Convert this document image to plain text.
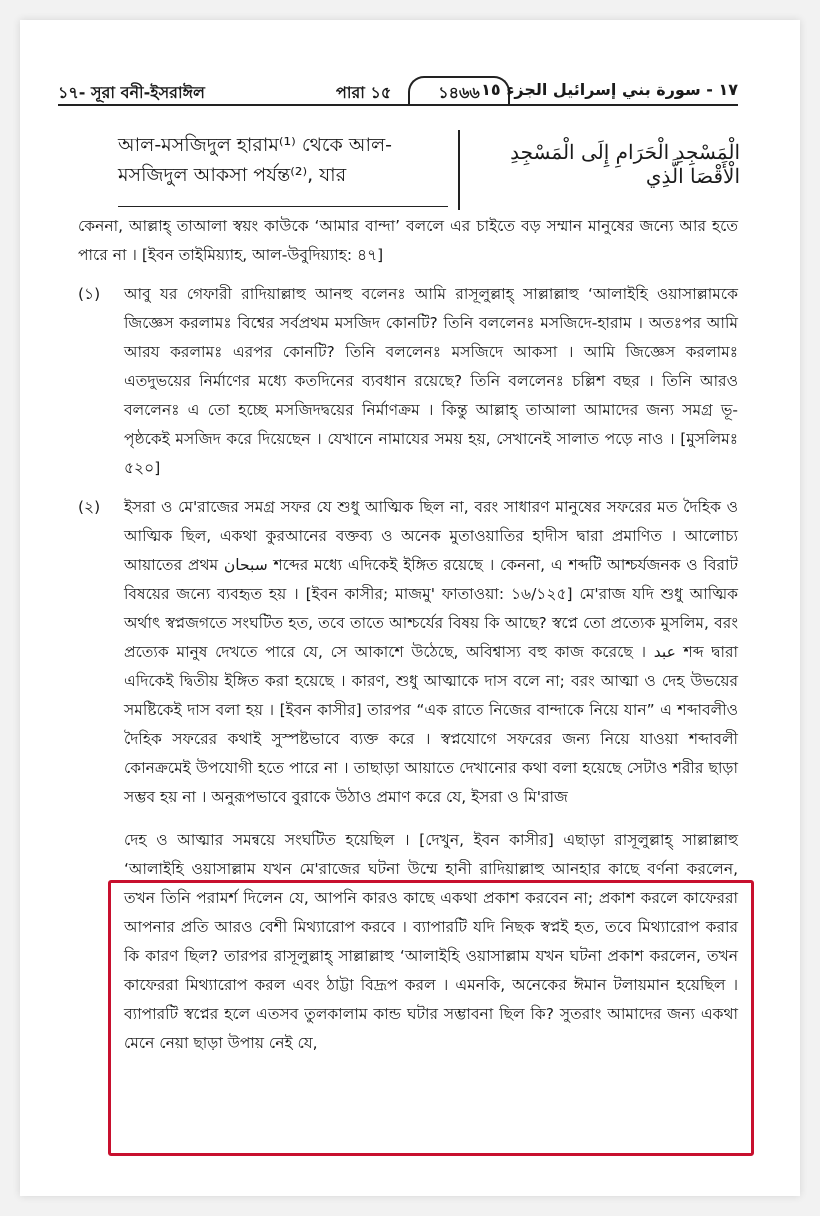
১৭- সূরা বনী-ইসরাঈল	পারা ১৫	১৪৬৬ ١٧ - سورة بني إسرائيل الجزء ١٥
আল-মসজিদুল হারাম⁽¹⁾ থেকে আল-
মসজিদুল আকসা পর্যন্ত⁽²⁾, যার
الْمَسْجِدِ الْحَرَامِ إِلَى الْمَسْجِدِ الْأَقْصَا الَّذِي
কেননা, আল্লাহ্‌ তাআলা স্বয়ং কাউকে ‘আমার বান্দা’ বললে এর চাইতে বড় সম্মান মানুষের জন্যে আর হতে পারে না । [ইবন তাইমিয়্যাহ, আল-উবুদিয়্যাহ: ৪৭]
(১)	আবু যর গেফারী রাদিয়াল্লাহু আনহু বলেনঃ আমি রাসূলুল্লাহ্‌ সাল্লাল্লাহু ‘আলাইহি ওয়াসাল্লামকে জিজ্ঞেস করলামঃ বিশ্বের সর্বপ্রথম মসজিদ কোনটি? তিনি বললেনঃ মসজিদে-হারাম । অতঃপর আমি আরয করলামঃ এরপর কোনটি? তিনি বললেনঃ মসজিদে আকসা । আমি জিজ্ঞেস করলামঃ এতদুভয়ের নির্মাণের মধ্যে কতদিনের ব্যবধান রয়েছে? তিনি বললেনঃ চল্লিশ বছর । তিনি আরও বললেনঃ এ তো হচ্ছে মসজিদদ্বয়ের নির্মাণক্রম । কিন্তু আল্লাহ্‌ তাআলা আমাদের জন্য সমগ্র ভূ-পৃষ্ঠকেই মসজিদ করে দিয়েছেন । যেখানে নামাযের সময় হয়, সেখানেই সালাত পড়ে নাও । [মুসলিমঃ ৫২০]
(২)	ইসরা ও মে'রাজের সমগ্র সফর যে শুধু আত্মিক ছিল না, বরং সাধারণ মানুষের সফরের মত দৈহিক ও আত্মিক ছিল, একথা কুরআনের বক্তব্য ও অনেক মুতাওয়াতির হাদীস দ্বারা প্রমাণিত । আলোচ্য আয়াতের প্রথম سبحان শব্দের মধ্যে এদিকেই ইঙ্গিত রয়েছে । কেননা, এ শব্দটি আশ্চর্যজনক ও বিরাট বিষয়ের জন্যে ব্যবহৃত হয় । [ইবন কাসীর; মাজমু' ফাতাওয়া: ১৬/১২৫] মে'রাজ যদি শুধু আত্মিক অর্থাৎ স্বপ্নজগতে সংঘটিত হত, তবে তাতে আশ্চর্যের বিষয় কি আছে? স্বপ্নে তো প্রত্যেক মুসলিম, বরং প্রত্যেক মানুষ দেখতে পারে যে, সে আকাশে উঠেছে, অবিশ্বাস্য বহু কাজ করেছে । عبد শব্দ দ্বারা এদিকেই দ্বিতীয় ইঙ্গিত করা হয়েছে । কারণ, শুধু আত্মাকে দাস বলে না; বরং আত্মা ও দেহ উভয়ের সমষ্টিকেই দাস বলা হয় । [ইবন কাসীর] তারপর “এক রাতে নিজের বান্দাকে নিয়ে যান” এ শব্দাবলীও দৈহিক সফরের কথাই সুস্পষ্টভাবে ব্যক্ত করে । স্বপ্নযোগে সফরের জন্য নিয়ে যাওয়া শব্দাবলী কোনক্রমেই উপযোগী হতে পারে না । তাছাড়া আয়াতে দেখানোর কথা বলা হয়েছে সেটাও শরীর ছাড়া সম্ভব হয় না । অনুরূপভাবে বুরাকে উঠাও প্রমাণ করে যে, ইসরা ও মি'রাজ
দেহ ও আত্মার সমন্বয়ে সংঘটিত হয়েছিল । [দেখুন, ইবন কাসীর] এছাড়া রাসূলুল্লাহ্‌ সাল্লাল্লাহু ‘আলাইহি ওয়াসাল্লাম যখন মে'রাজের ঘটনা উম্মে হানী রাদিয়াল্লাহু আনহার কাছে বর্ণনা করলেন, তখন তিনি পরামর্শ দিলেন যে, আপনি কারও কাছে একথা প্রকাশ করবেন না; প্রকাশ করলে কাফেররা আপনার প্রতি আরও বেশী মিথ্যারোপ করবে । ব্যাপারটি যদি নিছক স্বপ্নই হত, তবে মিথ্যারোপ করার কি কারণ ছিল? তারপর রাসূলুল্লাহ্‌ সাল্লাল্লাহু ‘আলাইহি ওয়াসাল্লাম যখন ঘটনা প্রকাশ করলেন, তখন কাফেররা মিথ্যারোপ করল এবং ঠাট্টা বিদ্রূপ করল । এমনকি, অনেকের ঈমান টলায়মান হয়েছিল । ব্যাপারটি স্বপ্নের হলে এতসব তুলকালাম কান্ড ঘটার সম্ভাবনা ছিল কি? সুতরাং আমাদের জন্য একথা মেনে নেয়া ছাড়া উপায় নেই যে,
